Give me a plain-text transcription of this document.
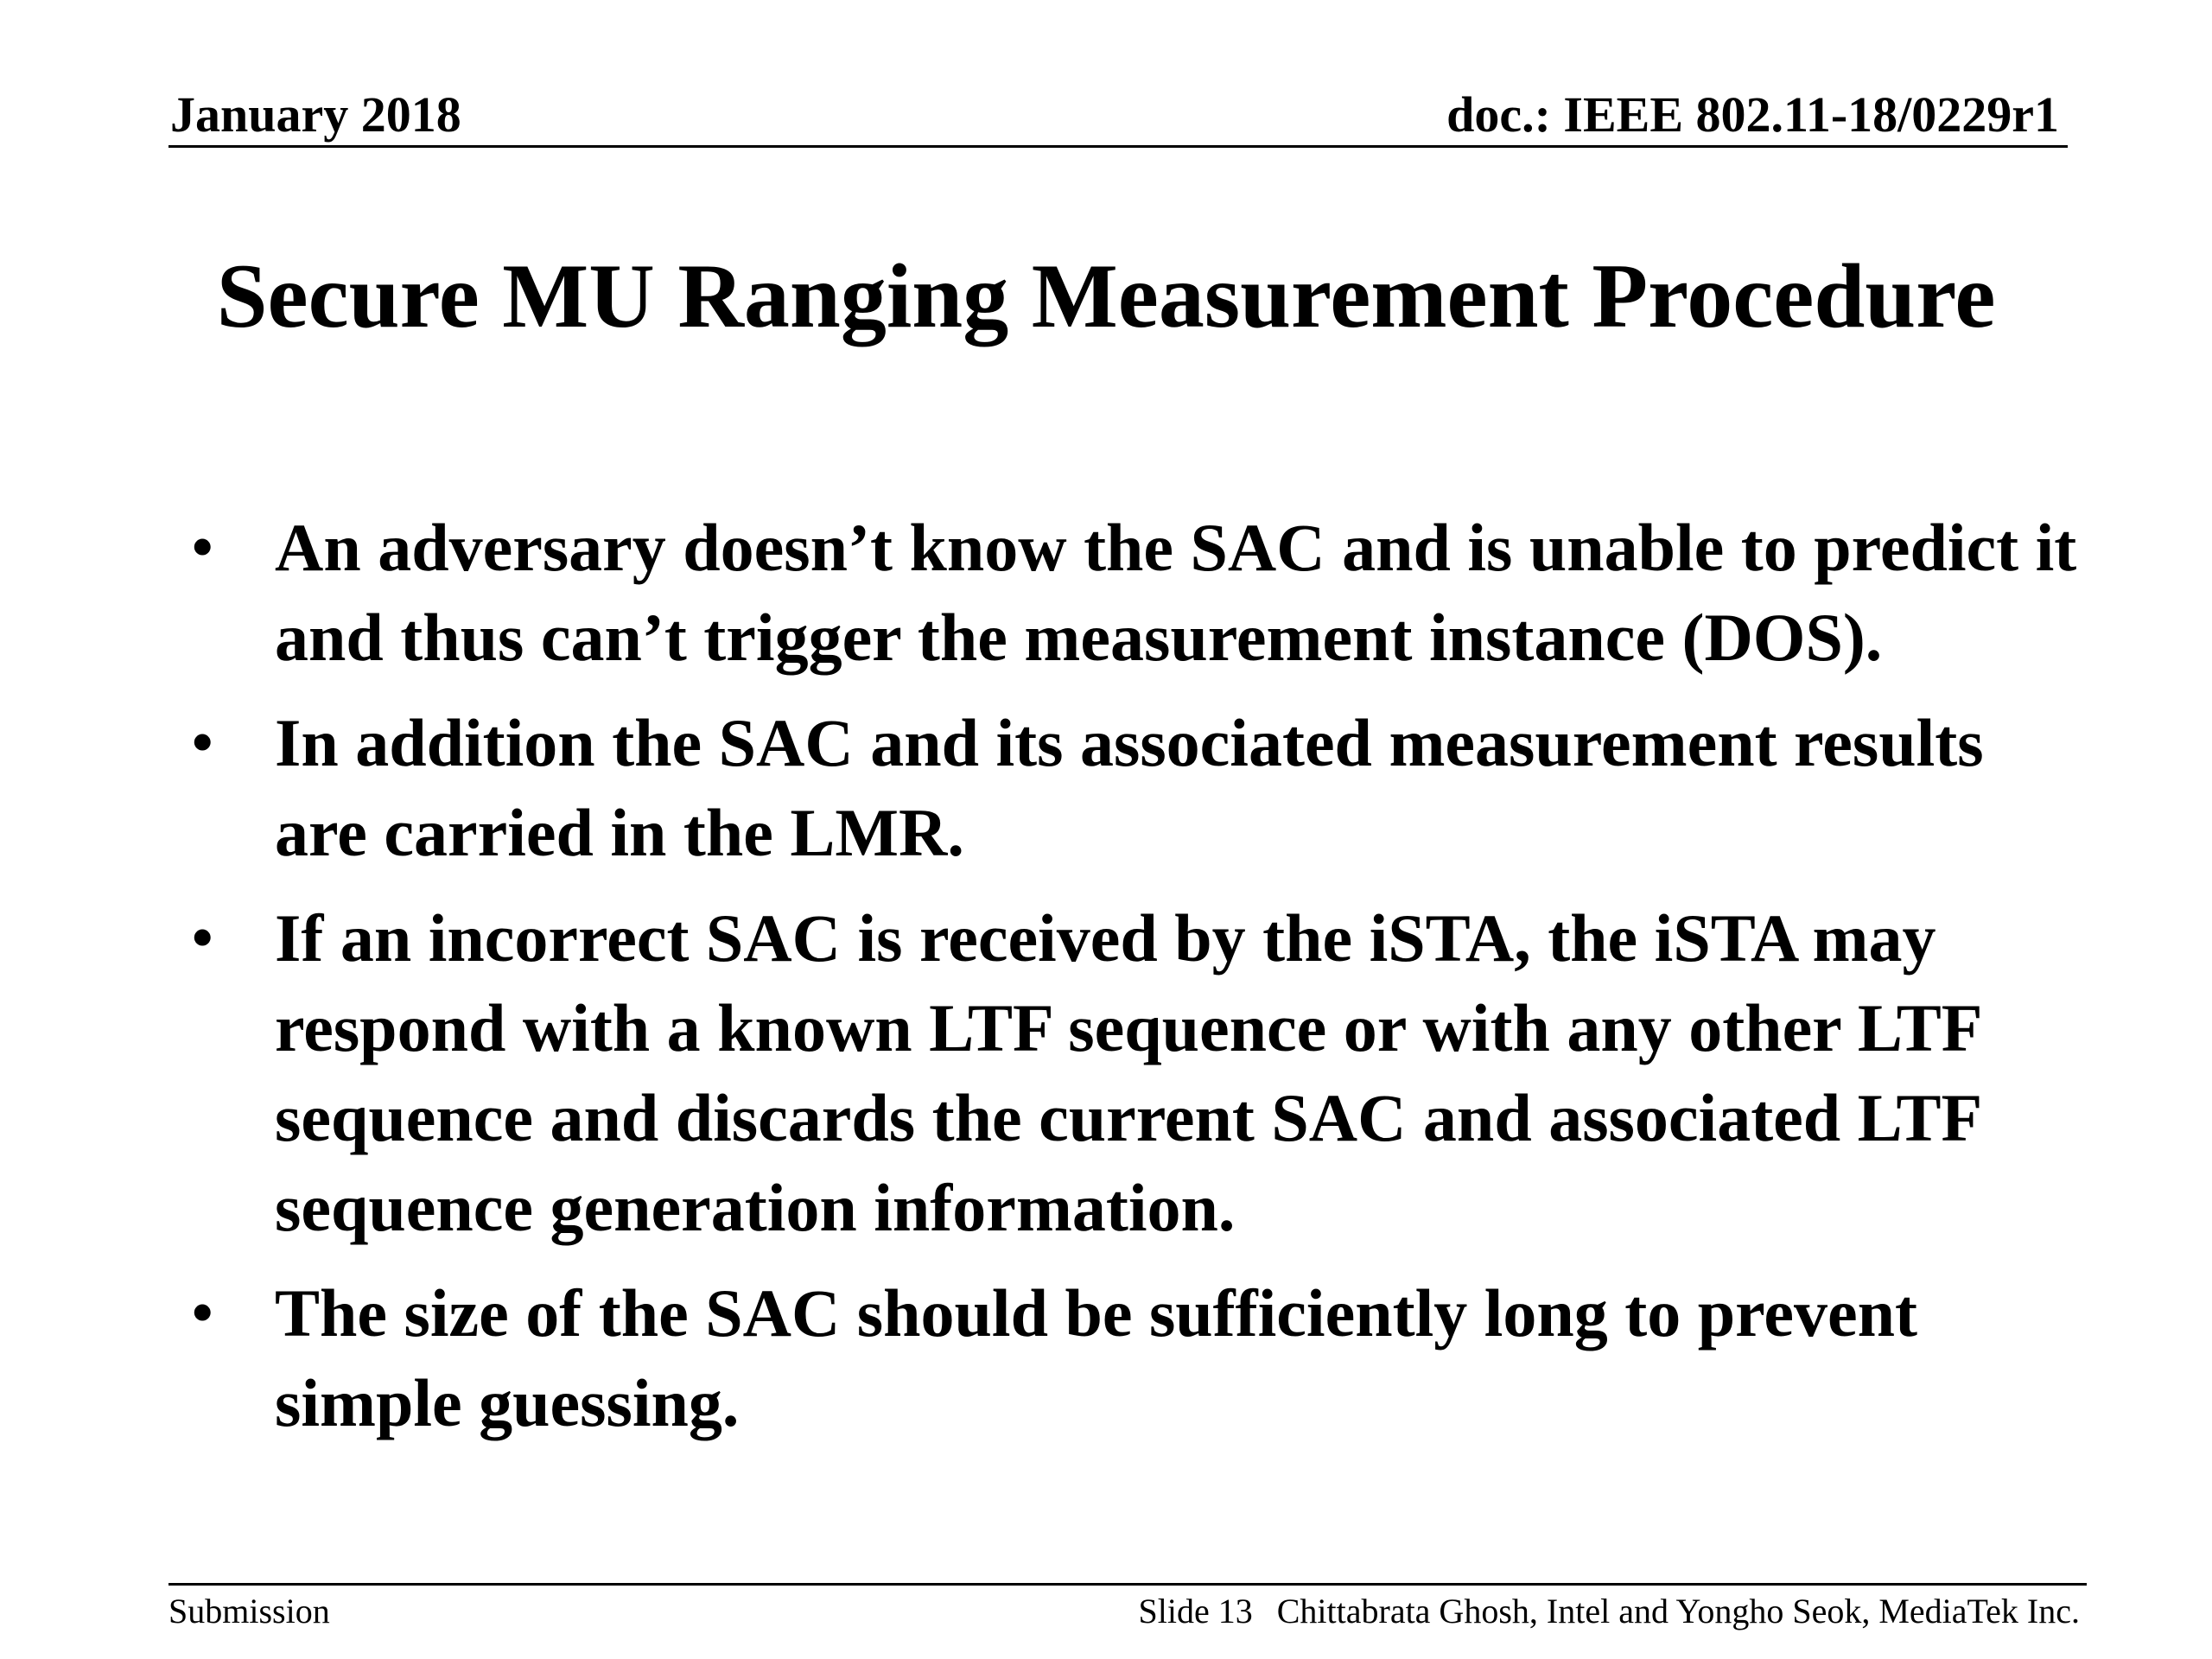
January 2018	doc.: IEEE 802.11-18/0229r1
Secure MU Ranging Measurement Procedure
• An adversary doesn’t know the SAC and is unable to predict it and thus can’t trigger the measurement instance (DOS).
• In addition the SAC and its associated measurement results are carried in the LMR.
• If an incorrect SAC is received by the iSTA, the iSTA may respond with a known LTF sequence or with any other LTF sequence and discards the current SAC and associated LTF sequence generation information.
• The size of the SAC should be sufficiently long to prevent simple guessing.
Submission	Slide 13 Chittabrata Ghosh, Intel and Yongho Seok, MediaTek Inc.
